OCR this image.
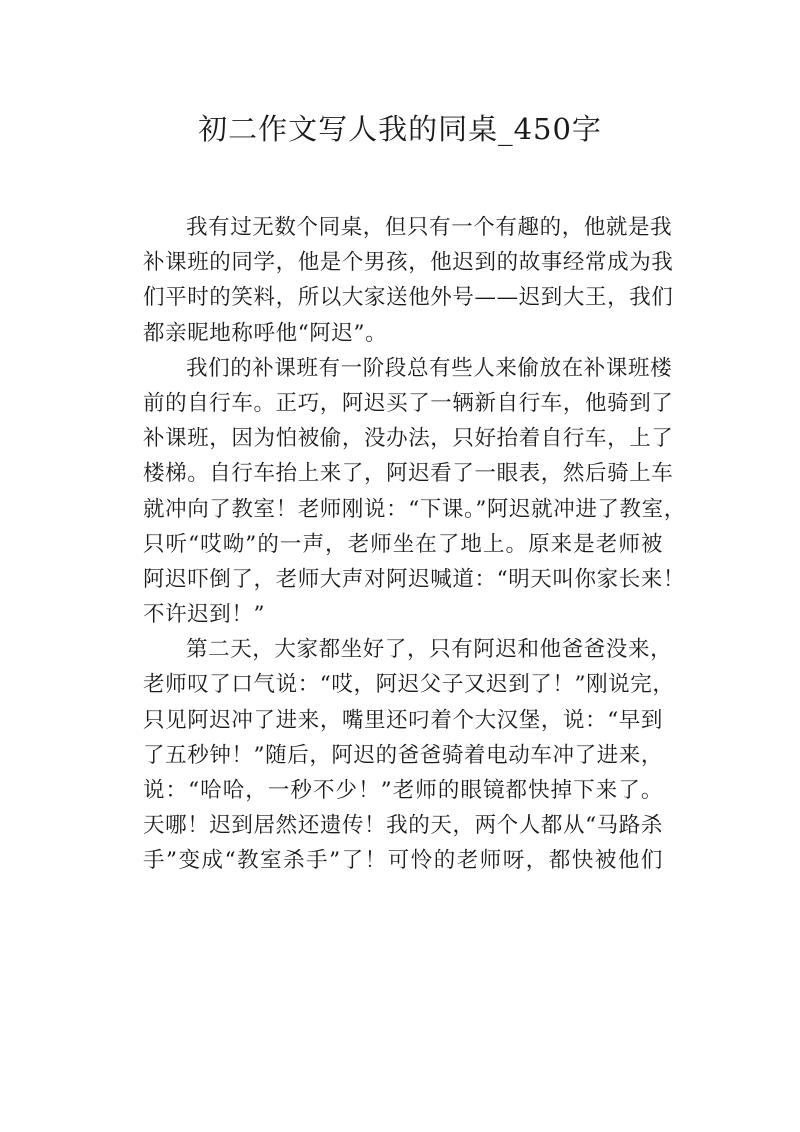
初二作文写人我的同桌_450字

我有过无数个同桌，但只有一个有趣的，他就是我
补课班的同学，他是个男孩，他迟到的故事经常成为我
们平时的笑料，所以大家送他外号——迟到大王，我们
都亲昵地称呼他“阿迟”。

我们的补课班有一阶段总有些人来偷放在补课班楼
前的自行车。正巧，阿迟买了一辆新自行车，他骑到了
补课班，因为怕被偷，没办法，只好抬着自行车，上了
楼梯。自行车抬上来了，阿迟看了一眼表，然后骑上车
就冲向了教室！老师刚说：“下课。”阿迟就冲进了教室，
只听“哎呦”的一声，老师坐在了地上。原来是老师被
阿迟吓倒了，老师大声对阿迟喊道：“明天叫你家长来！
不许迟到！”

第二天，大家都坐好了，只有阿迟和他爸爸没来，
老师叹了口气说：“哎，阿迟父子又迟到了！”刚说完，
只见阿迟冲了进来，嘴里还叼着个大汉堡，说：“早到
了五秒钟！”随后，阿迟的爸爸骑着电动车冲了进来，
说：“哈哈，一秒不少！”老师的眼镜都快掉下来了。
天哪！迟到居然还遗传！我的天，两个人都从“马路杀
手”变成“教室杀手”了！可怜的老师呀，都快被他们
